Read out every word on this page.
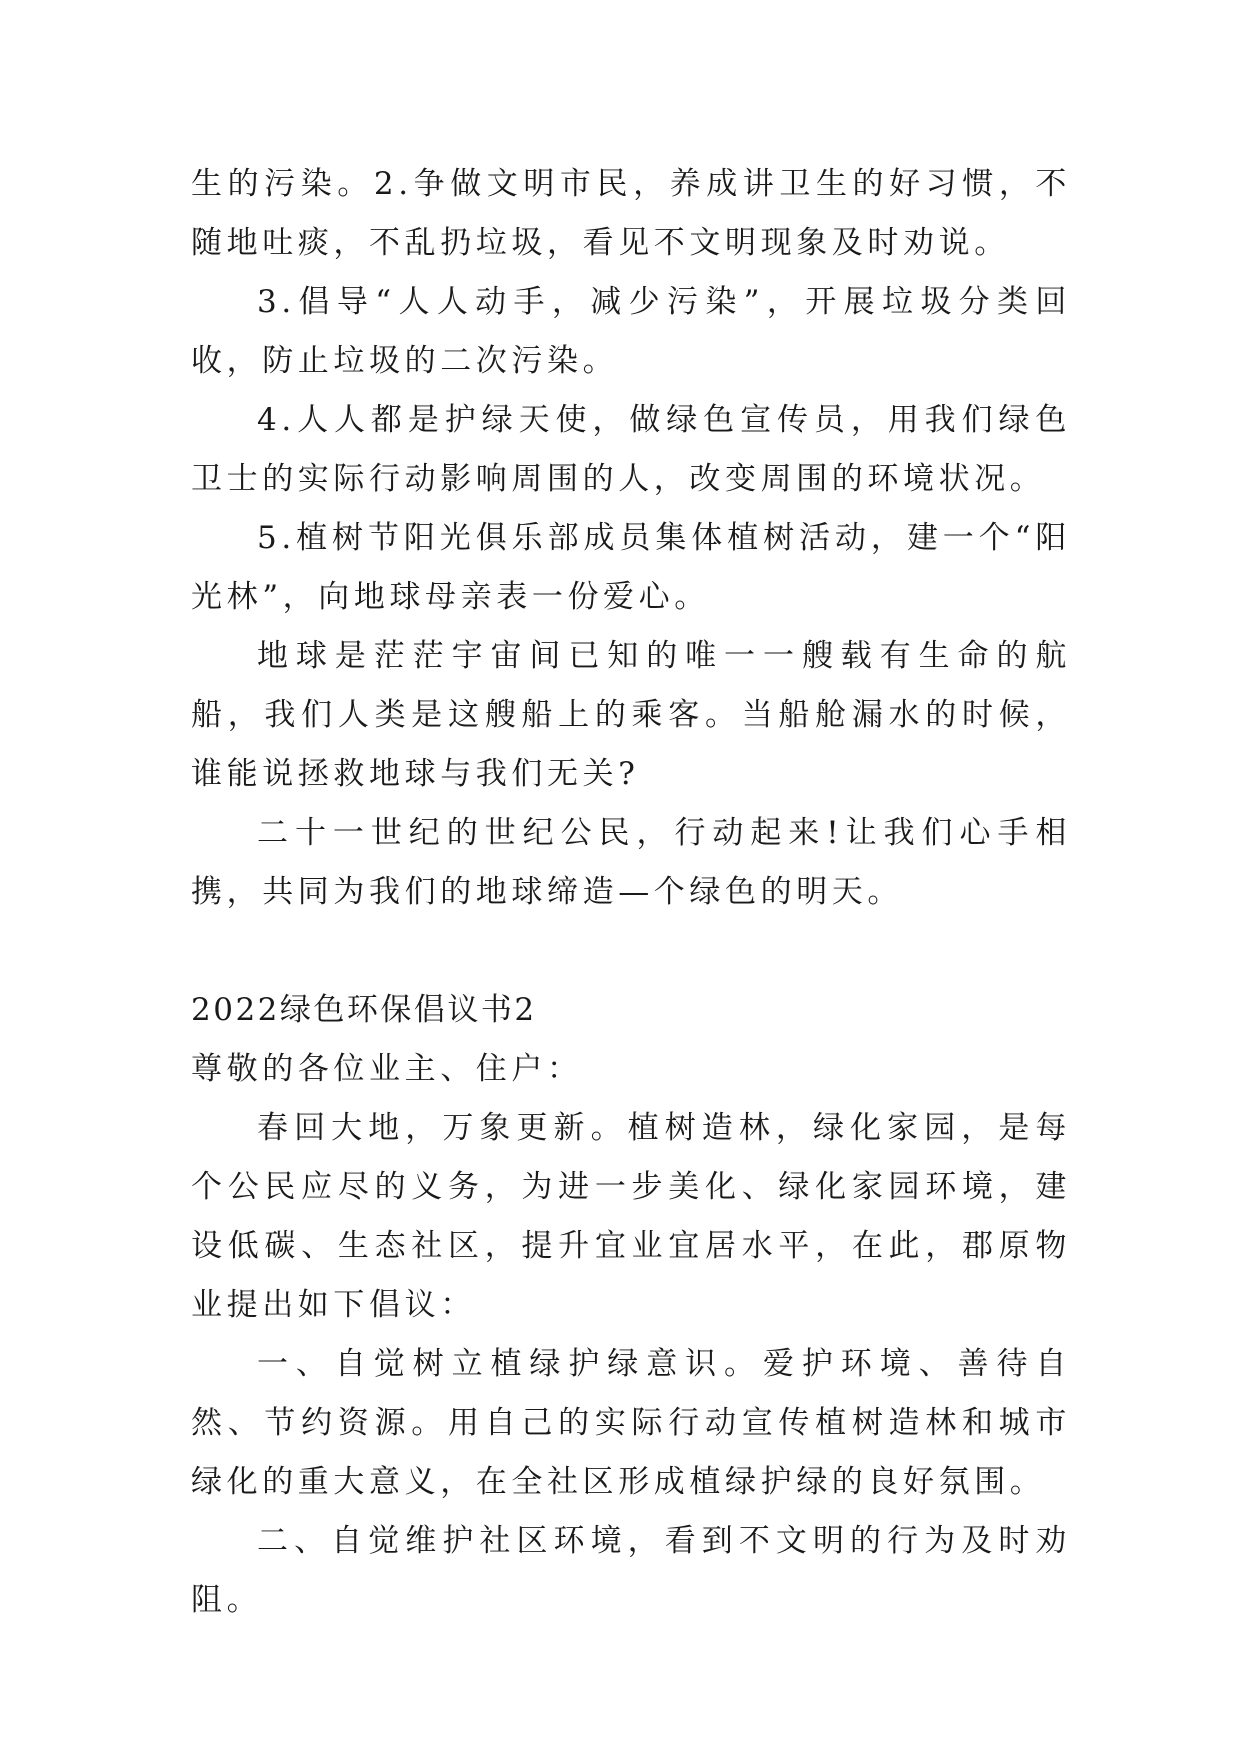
生的污染。2.争做文明市民，养成讲卫生的好习惯，不随地吐痰，不乱扔垃圾，看见不文明现象及时劝说。

3.倡导“人人动手，减少污染”，开展垃圾分类回收，防止垃圾的二次污染。

4.人人都是护绿天使，做绿色宣传员，用我们绿色卫士的实际行动影响周围的人，改变周围的环境状况。

5.植树节阳光俱乐部成员集体植树活动，建一个“阳光林”，向地球母亲表一份爱心。

地球是茫茫宇宙间已知的唯一一艘载有生命的航船，我们人类是这艘船上的乘客。当船舱漏水的时候，谁能说拯救地球与我们无关?

二十一世纪的世纪公民，行动起来!让我们心手相携，共同为我们的地球缔造—个绿色的明天。

2022绿色环保倡议书2

尊敬的各位业主、住户：

春回大地，万象更新。植树造林，绿化家园，是每个公民应尽的义务，为进一步美化、绿化家园环境，建设低碳、生态社区，提升宜业宜居水平，在此，郡原物业提出如下倡议：

一、自觉树立植绿护绿意识。爱护环境、善待自然、节约资源。用自己的实际行动宣传植树造林和城市绿化的重大意义，在全社区形成植绿护绿的良好氛围。

二、自觉维护社区环境，看到不文明的行为及时劝阻。
